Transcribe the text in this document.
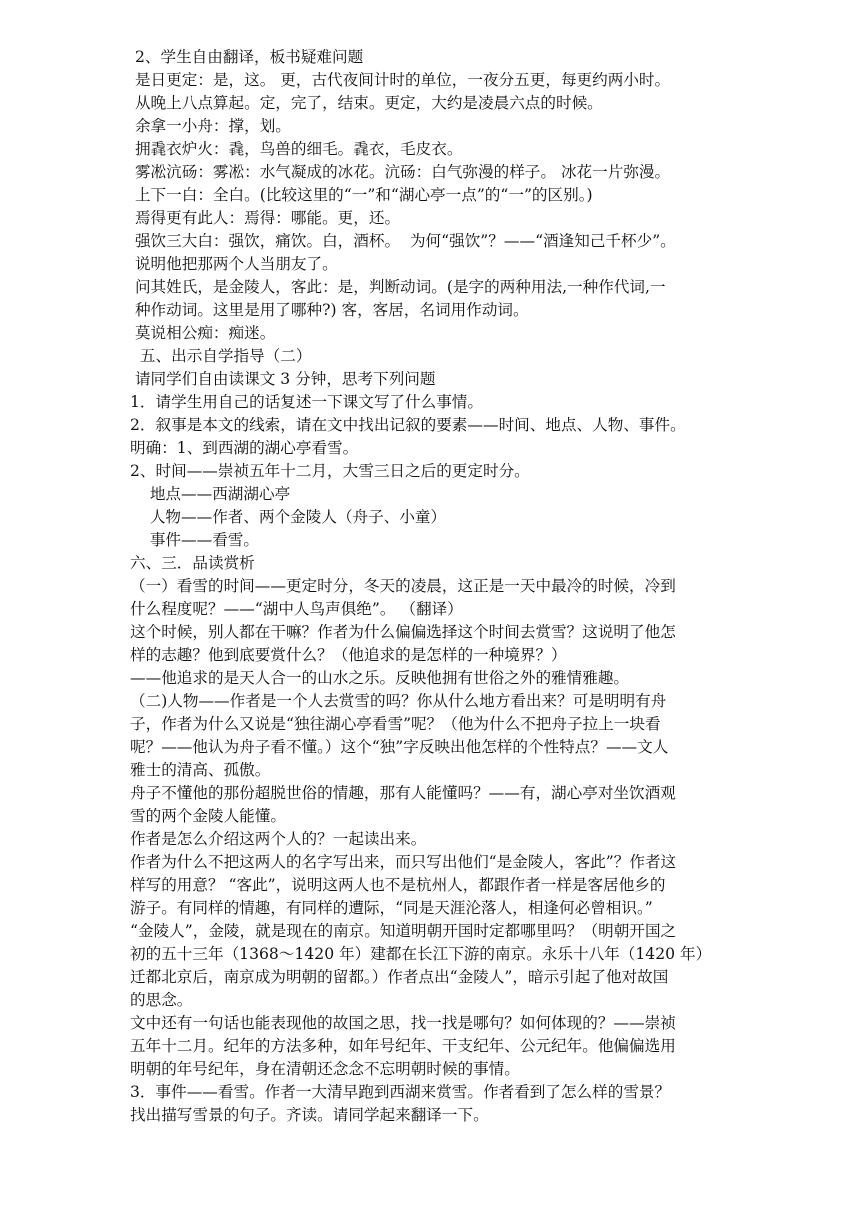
2、学生自由翻译，板书疑难问题
是日更定：是，这。 更，古代夜间计时的单位，一夜分五更，每更约两小时。
从晚上八点算起。定，完了，结束。更定，大约是凌晨六点的时候。
余拿一小舟：撑，划。
拥毳衣炉火：毳，鸟兽的细毛。毳衣，毛皮衣。
雾凇沆砀：雾凇：水气凝成的冰花。沆砀：白气弥漫的样子。 冰花一片弥漫。
上下一白：全白。(比较这里的“一”和“湖心亭一点”的“一”的区别。)
焉得更有此人：焉得：哪能。更，还。
强饮三大白：强饮，痛饮。白，酒杯。  为何“强饮”？——“酒逢知己千杯少”。
说明他把那两个人当朋友了。
问其姓氏，是金陵人，客此：是，判断动词。(是字的两种用法,一种作代词,一
种作动词。这里是用了哪种?) 客，客居，名词用作动词。
莫说相公痴：痴迷。
五、出示自学指导（二）
请同学们自由读课文 3 分钟，思考下列问题
1．请学生用自己的话复述一下课文写了什么事情。
2．叙事是本文的线索，请在文中找出记叙的要素——时间、地点、人物、事件。
明确：1、到西湖的湖心亭看雪。
2、时间——崇祯五年十二月，大雪三日之后的更定时分。
地点——西湖湖心亭
人物——作者、两个金陵人（舟子、小童）
事件——看雪。
六、三．品读赏析
（一）看雪的时间——更定时分，冬天的凌晨，这正是一天中最冷的时候，冷到
什么程度呢？——“湖中人鸟声俱绝”。 （翻译）
这个时候，别人都在干嘛？作者为什么偏偏选择这个时间去赏雪？这说明了他怎
样的志趣？他到底要赏什么？（他追求的是怎样的一种境界？）
——他追求的是天人合一的山水之乐。反映他拥有世俗之外的雅情雅趣。
（二)人物——作者是一个人去赏雪的吗？你从什么地方看出来？可是明明有舟
子，作者为什么又说是“独往湖心亭看雪”呢？（他为什么不把舟子拉上一块看
呢？——他认为舟子看不懂。）这个“独”字反映出他怎样的个性特点？——文人
雅士的清高、孤傲。
舟子不懂他的那份超脱世俗的情趣，那有人能懂吗？——有，湖心亭对坐饮酒观
雪的两个金陵人能懂。
作者是怎么介绍这两个人的？一起读出来。
作者为什么不把这两人的名字写出来，而只写出他们“是金陵人，客此”？作者这
样写的用意？ “客此”，说明这两人也不是杭州人，都跟作者一样是客居他乡的
游子。有同样的情趣，有同样的遭际，“同是天涯沦落人，相逢何必曾相识。”
“金陵人”，金陵，就是现在的南京。知道明朝开国时定都哪里吗？（明朝开国之
初的五十三年（1368～1420 年）建都在长江下游的南京。永乐十八年（1420 年）
迁都北京后，南京成为明朝的留都。）作者点出“金陵人”，暗示引起了他对故国
的思念。
文中还有一句话也能表现他的故国之思，找一找是哪句？如何体现的？——崇祯
五年十二月。纪年的方法多种，如年号纪年、干支纪年、公元纪年。他偏偏选用
明朝的年号纪年，身在清朝还念念不忘明朝时候的事情。
3．事件——看雪。作者一大清早跑到西湖来赏雪。作者看到了怎么样的雪景？
找出描写雪景的句子。齐读。请同学起来翻译一下。
